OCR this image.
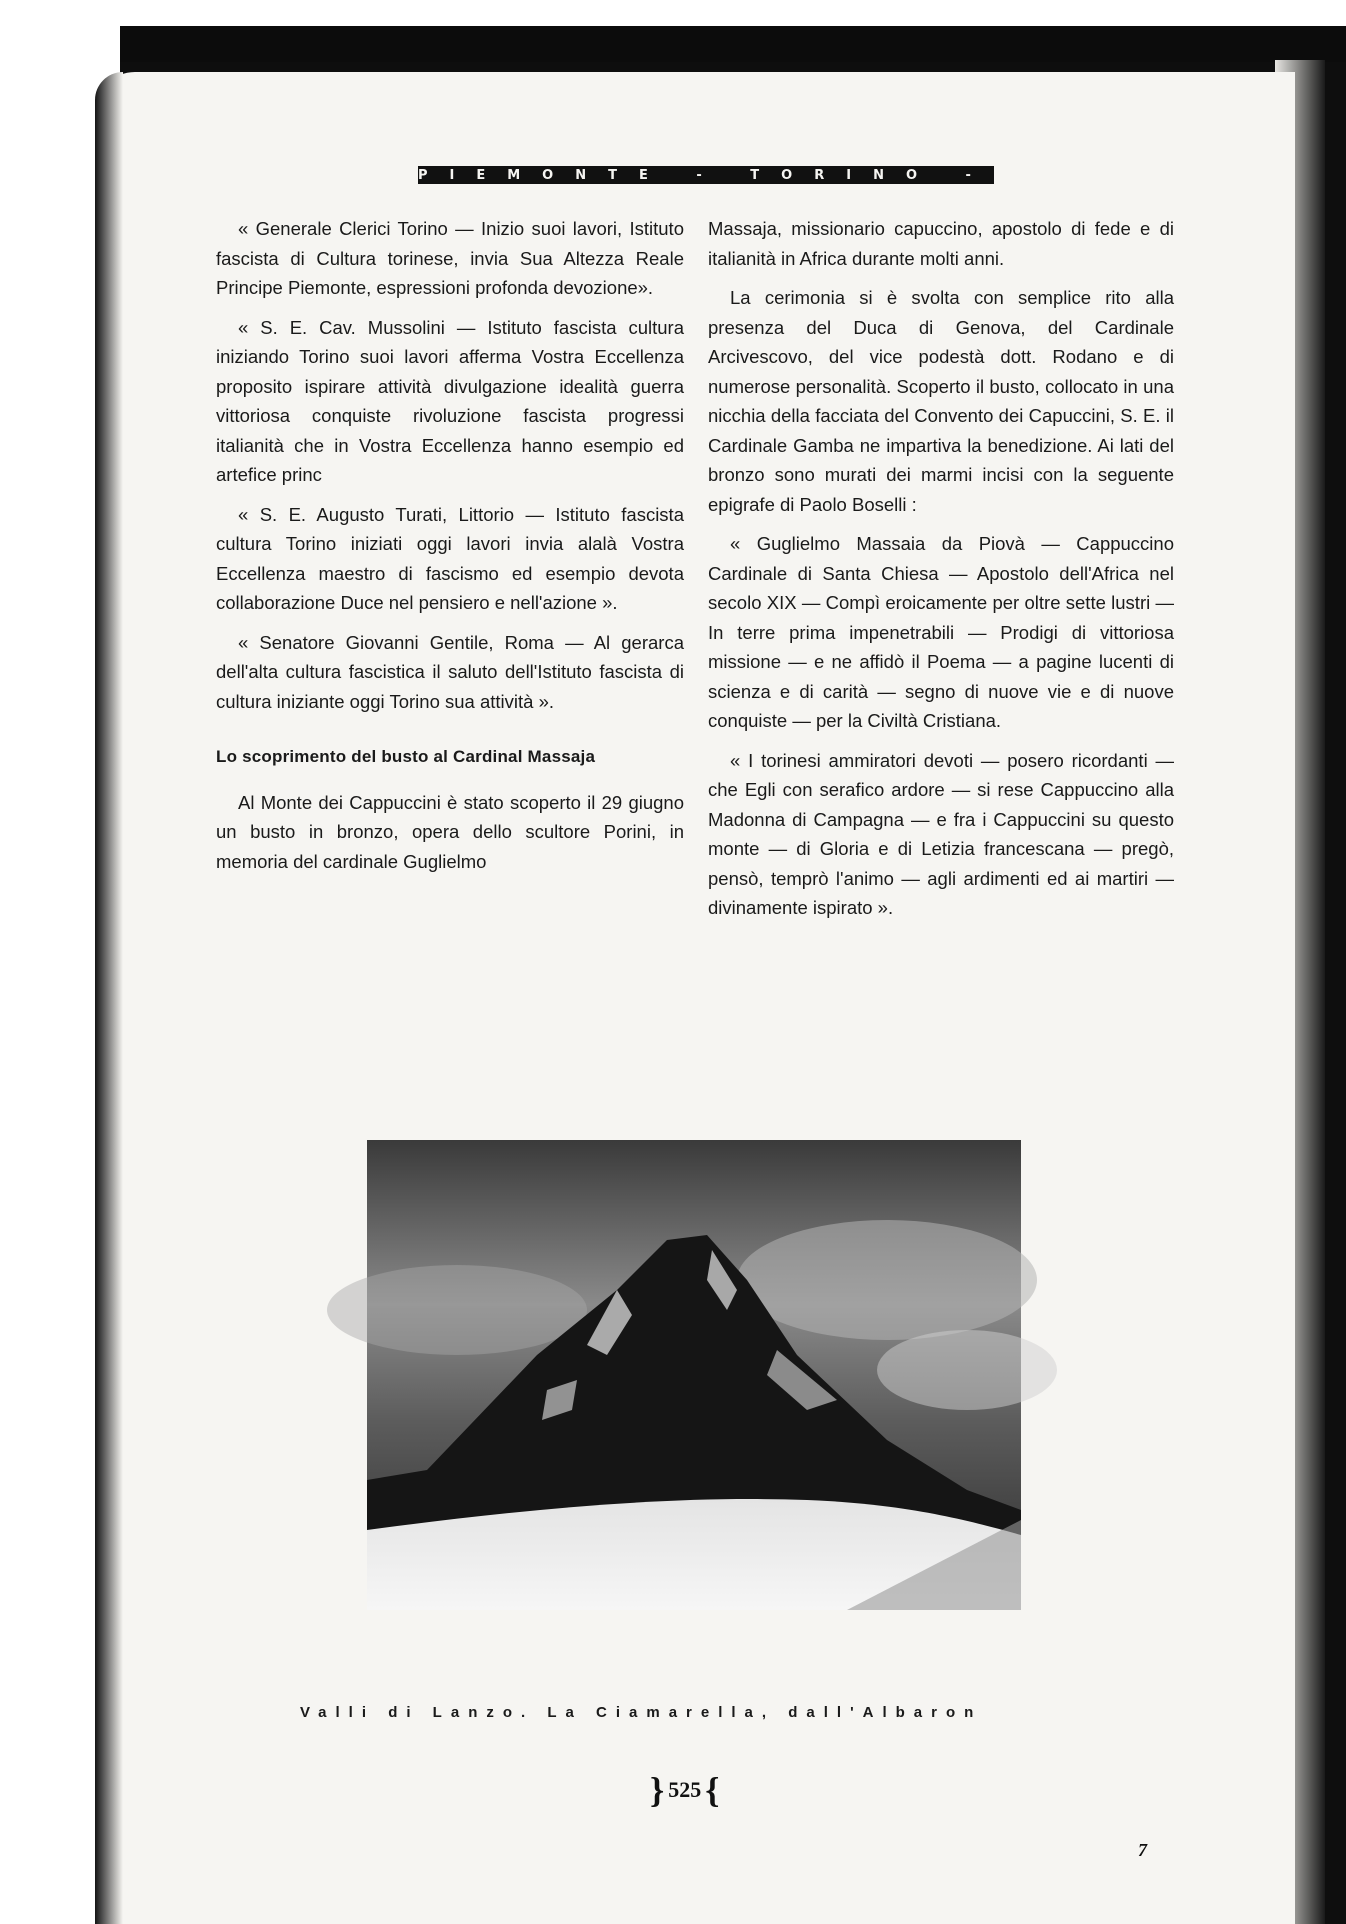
PIEMONTE - TORINO - CRONACHE

« Generale Clerici Torino — Inizio suoi lavori, Istituto fascista di Cultura torinese, invia Sua Altezza Reale Principe Piemonte, espressioni profonda devozione».

« S. E. Cav. Mussolini — Istituto fascista cultura iniziando Torino suoi lavori afferma Vostra Eccellenza proposito ispirare attività divulgazione idealità guerra vittoriosa conquiste rivoluzione fascista progressi italianità che in Vostra Eccellenza hanno esempio ed artefice princ

« S. E. Augusto Turati, Littorio — Istituto fascista cultura Torino iniziati oggi lavori invia alalà Vostra Eccellenza maestro di fascismo ed esempio devota collaborazione Duce nel pensiero e nell'azione ».

« Senatore Giovanni Gentile, Roma — Al gerarca dell'alta cultura fascistica il saluto dell'Istituto fascista di cultura iniziante oggi Torino sua attività ».

Lo scoprimento del busto al Cardinal Massaja

Al Monte dei Cappuccini è stato scoperto il 29 giugno un busto in bronzo, opera dello scultore Porini, in memoria del cardinale Guglielmo

Massaja, missionario capuccino, apostolo di fede e di italianità in Africa durante molti anni.

La cerimonia si è svolta con semplice rito alla presenza del Duca di Genova, del Cardinale Arcivescovo, del vice podestà dott. Rodano e di numerose personalità. Scoperto il busto, collocato in una nicchia della facciata del Convento dei Capuccini, S. E. il Cardinale Gamba ne impartiva la benedizione. Ai lati del bronzo sono murati dei marmi incisi con la seguente epigrafe di Paolo Boselli :

« Guglielmo Massaia da Piovà — Cappuccino Cardinale di Santa Chiesa — Apostolo dell'Africa nel secolo XIX — Compì eroicamente per oltre sette lustri — In terre prima impenetrabili — Prodigi di vittoriosa missione — e ne affidò il Poema — a pagine lucenti di scienza e di carità — segno di nuove vie e di nuove conquiste — per la Civiltà Cristiana.

« I torinesi ammiratori devoti — posero ricordanti — che Egli con serafico ardore — si rese Cappuccino alla Madonna di Campagna — e fra i Cappuccini su questo monte — di Gloria e di Letizia francescana — pregò, pensò, temprò l'animo — agli ardimenti ed ai martiri — divinamente ispirato ».

Valli di Lanzo. La Ciamarella, dall'Albaron
} 525 {
7
